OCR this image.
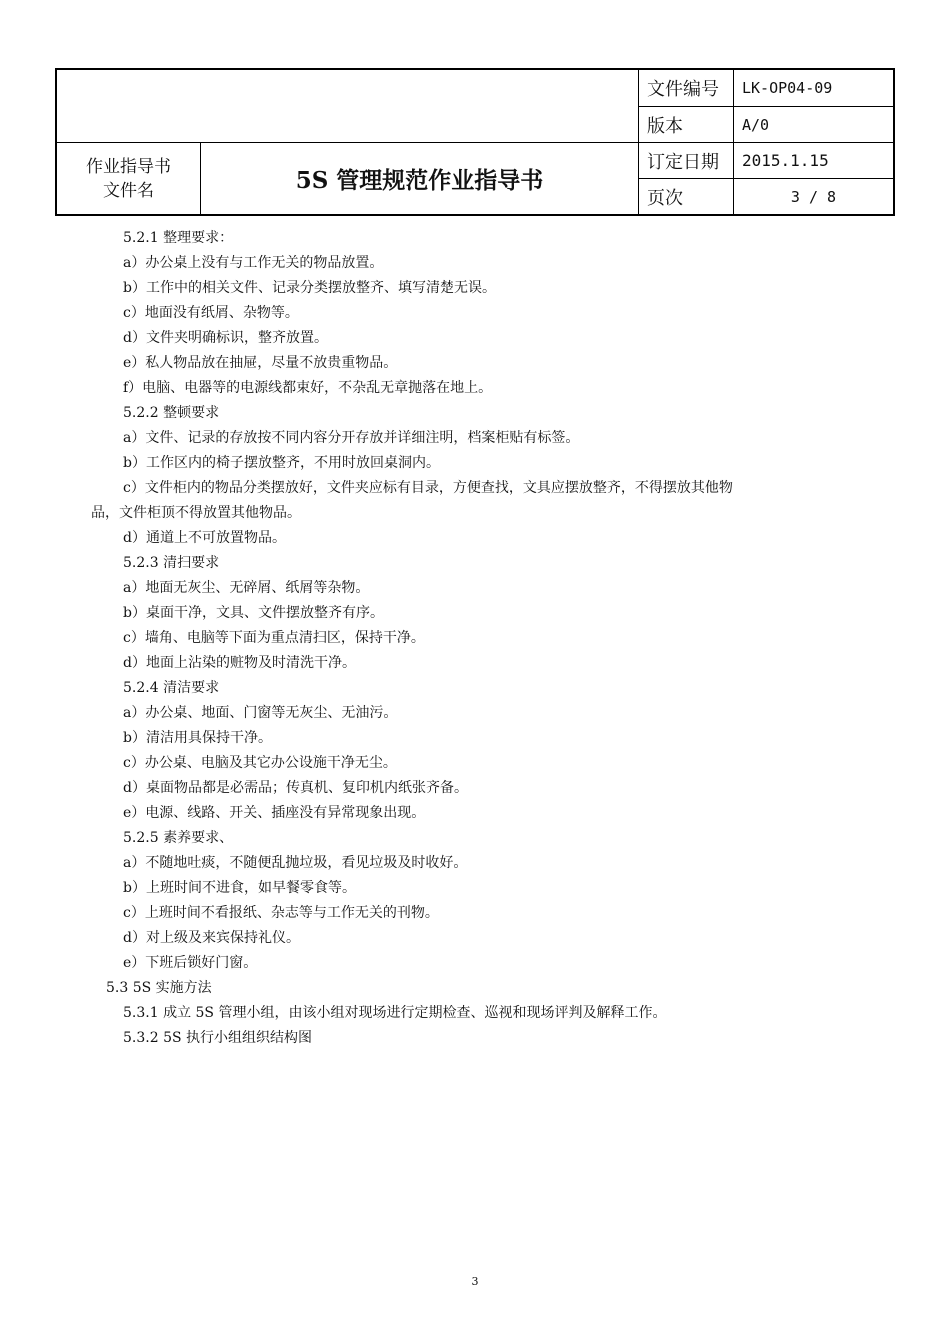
文件编号	LK-OP04-09
版本	A/0
订定日期	2015.1.15
页次	3 / 8
作业指导书
文件名	5S 管理规范作业指导书
5.2.1 整理要求：
a）办公桌上没有与工作无关的物品放置。
b）工作中的相关文件、记录分类摆放整齐、填写清楚无误。
c）地面没有纸屑、杂物等。
d）文件夹明确标识，整齐放置。
e）私人物品放在抽屉，尽量不放贵重物品。
f）电脑、电器等的电源线都束好，不杂乱无章抛落在地上。
5.2.2 整顿要求
a）文件、记录的存放按不同内容分开存放并详细注明，档案柜贴有标签。
b）工作区内的椅子摆放整齐，不用时放回桌洞内。
c）文件柜内的物品分类摆放好，文件夹应标有目录，方便查找，文具应摆放整齐，不得摆放其他物
品，文件柜顶不得放置其他物品。
d）通道上不可放置物品。
5.2.3 清扫要求
a）地面无灰尘、无碎屑、纸屑等杂物。
b）桌面干净，文具、文件摆放整齐有序。
c）墙角、电脑等下面为重点清扫区，保持干净。
d）地面上沾染的赃物及时清洗干净。
5.2.4 清洁要求
a）办公桌、地面、门窗等无灰尘、无油污。
b）清洁用具保持干净。
c）办公桌、电脑及其它办公设施干净无尘。
d）桌面物品都是必需品；传真机、复印机内纸张齐备。
e）电源、线路、开关、插座没有异常现象出现。
5.2.5 素养要求、
a）不随地吐痰，不随便乱抛垃圾，看见垃圾及时收好。
b）上班时间不进食，如早餐零食等。
c）上班时间不看报纸、杂志等与工作无关的刊物。
d）对上级及来宾保持礼仪。
e）下班后锁好门窗。
5.3 5S 实施方法
5.3.1 成立 5S 管理小组，由该小组对现场进行定期检查、巡视和现场评判及解释工作。
5.3.2 5S 执行小组组织结构图
3
